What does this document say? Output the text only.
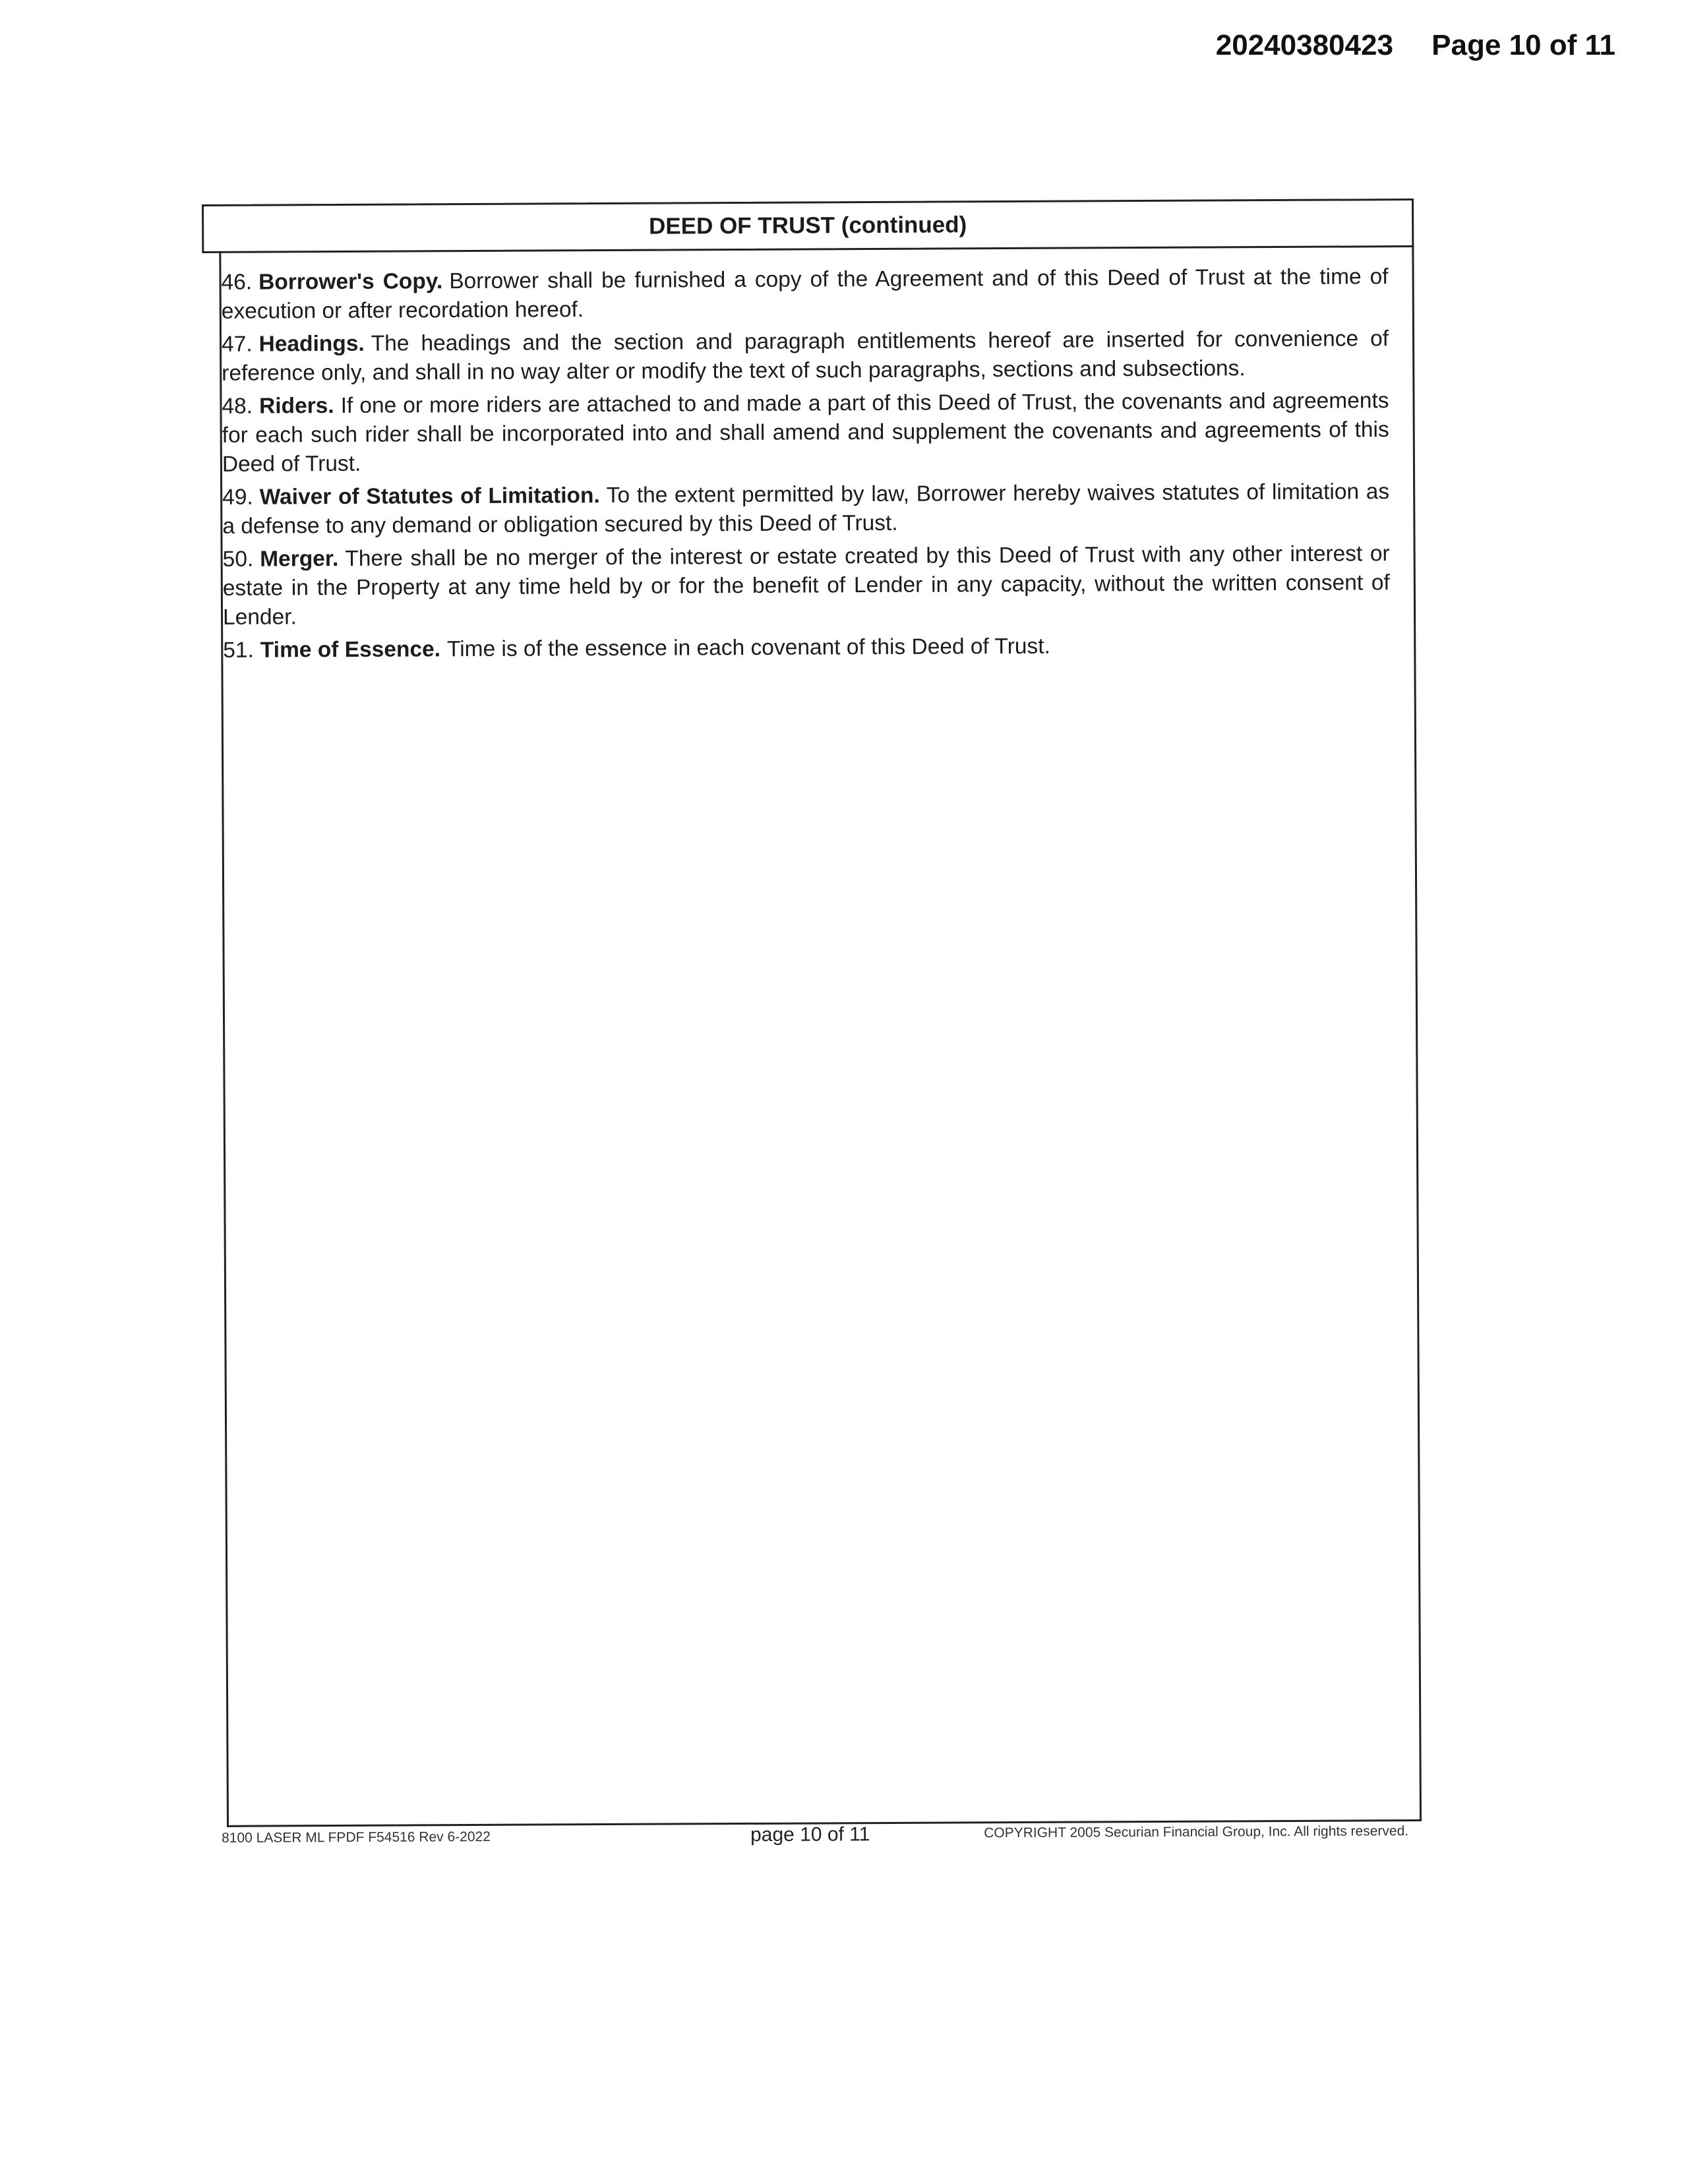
20240380423 Page 10 of 11
DEED OF TRUST (continued)

46. Borrower's Copy. Borrower shall be furnished a copy of the Agreement and of this Deed of Trust at the time of execution or after recordation hereof.

47. Headings. The headings and the section and paragraph entitlements hereof are inserted for convenience of reference only, and shall in no way alter or modify the text of such paragraphs, sections and subsections.

48. Riders. If one or more riders are attached to and made a part of this Deed of Trust, the covenants and agreements for each such rider shall be incorporated into and shall amend and supplement the covenants and agreements of this Deed of Trust.

49. Waiver of Statutes of Limitation. To the extent permitted by law, Borrower hereby waives statutes of limitation as a defense to any demand or obligation secured by this Deed of Trust.

50. Merger. There shall be no merger of the interest or estate created by this Deed of Trust with any other interest or estate in the Property at any time held by or for the benefit of Lender in any capacity, without the written consent of Lender.

51. Time of Essence. Time is of the essence in each covenant of this Deed of Trust.

8100 LASER ML FPDF F54516 Rev 6-2022	page 10 of 11	COPYRIGHT 2005 Securian Financial Group, Inc. All rights reserved.
